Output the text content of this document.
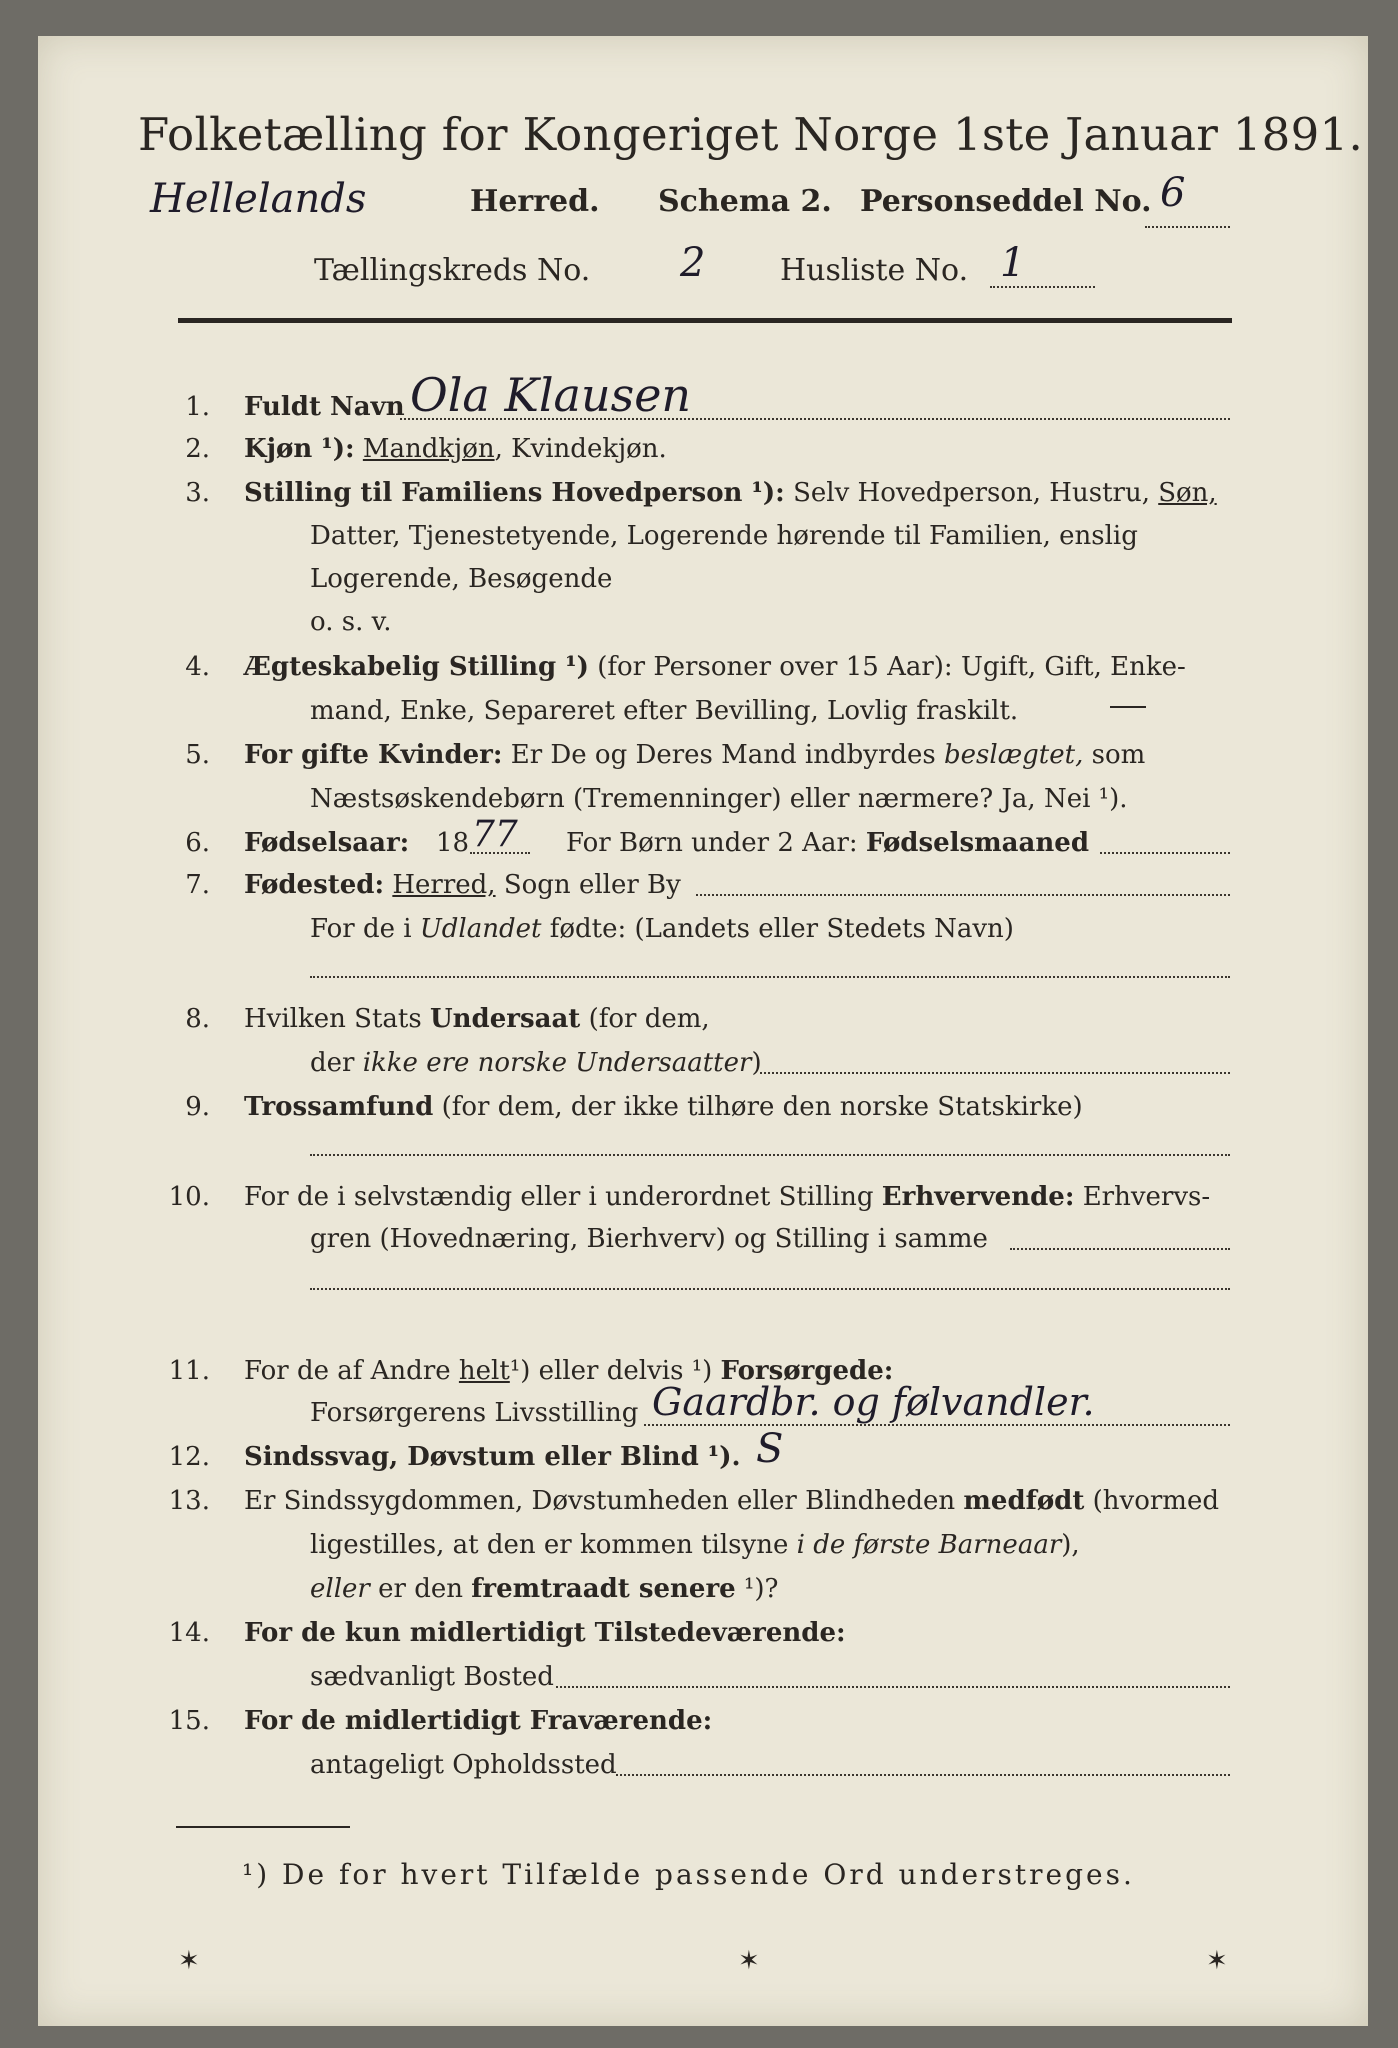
Folketælling for Kongeriget Norge 1ste Januar 1891.
Hellelands	Herred. Schema 2. Personseddel No. 6
Tællingskreds No. 2 Husliste No. 1
1. Fuldt Navn Ola Klausen
2. Kjøn ¹): Mandkjøn, Kvindekjøn.
3. Stilling til Familiens Hovedperson ¹): Selv Hovedperson, Hustru, Søn,
Datter, Tjenestetyende, Logerende hørende til Familien, enslig
Logerende, Besøgende
o. s. v.
4. Ægteskabelig Stilling ¹) (for Personer over 15 Aar): Ugift, Gift, Enke-
mand, Enke, Separeret efter Bevilling, Lovlig fraskilt.
5. For gifte Kvinder: Er De og Deres Mand indbyrdes beslægtet, som
Næstsøskendebørn (Tremenninger) eller nærmere? Ja, Nei ¹).
6. Fødselsaar: 18 77 For Børn under 2 Aar: Fødselsmaaned
7. Fødested: Herred, Sogn eller By
For de i Udlandet fødte: (Landets eller Stedets Navn)
8. Hvilken Stats Undersaat (for dem,
der ikke ere norske Undersaatter)
9. Trossamfund (for dem, der ikke tilhøre den norske Statskirke)
10. For de i selvstændig eller i underordnet Stilling Erhvervende: Erhvervs-
gren (Hovednæring, Bierhverv) og Stilling i samme
11. For de af Andre helt¹) eller delvis ¹) Forsørgede:
Forsørgerens Livsstilling Gaardbr. og følvandler.
12. Sindssvag, Døvstum eller Blind ¹). S
13. Er Sindssygdommen, Døvstumheden eller Blindheden medfødt (hvormed
ligestilles, at den er kommen tilsyne i de første Barneaar),
eller er den fremtraadt senere ¹)?
14. For de kun midlertidigt Tilstedeværende:
sædvanligt Bosted
15. For de midlertidigt Fraværende:
antageligt Opholdssted
¹) De for hvert Tilfælde passende Ord understreges.
✶	✶	✶
